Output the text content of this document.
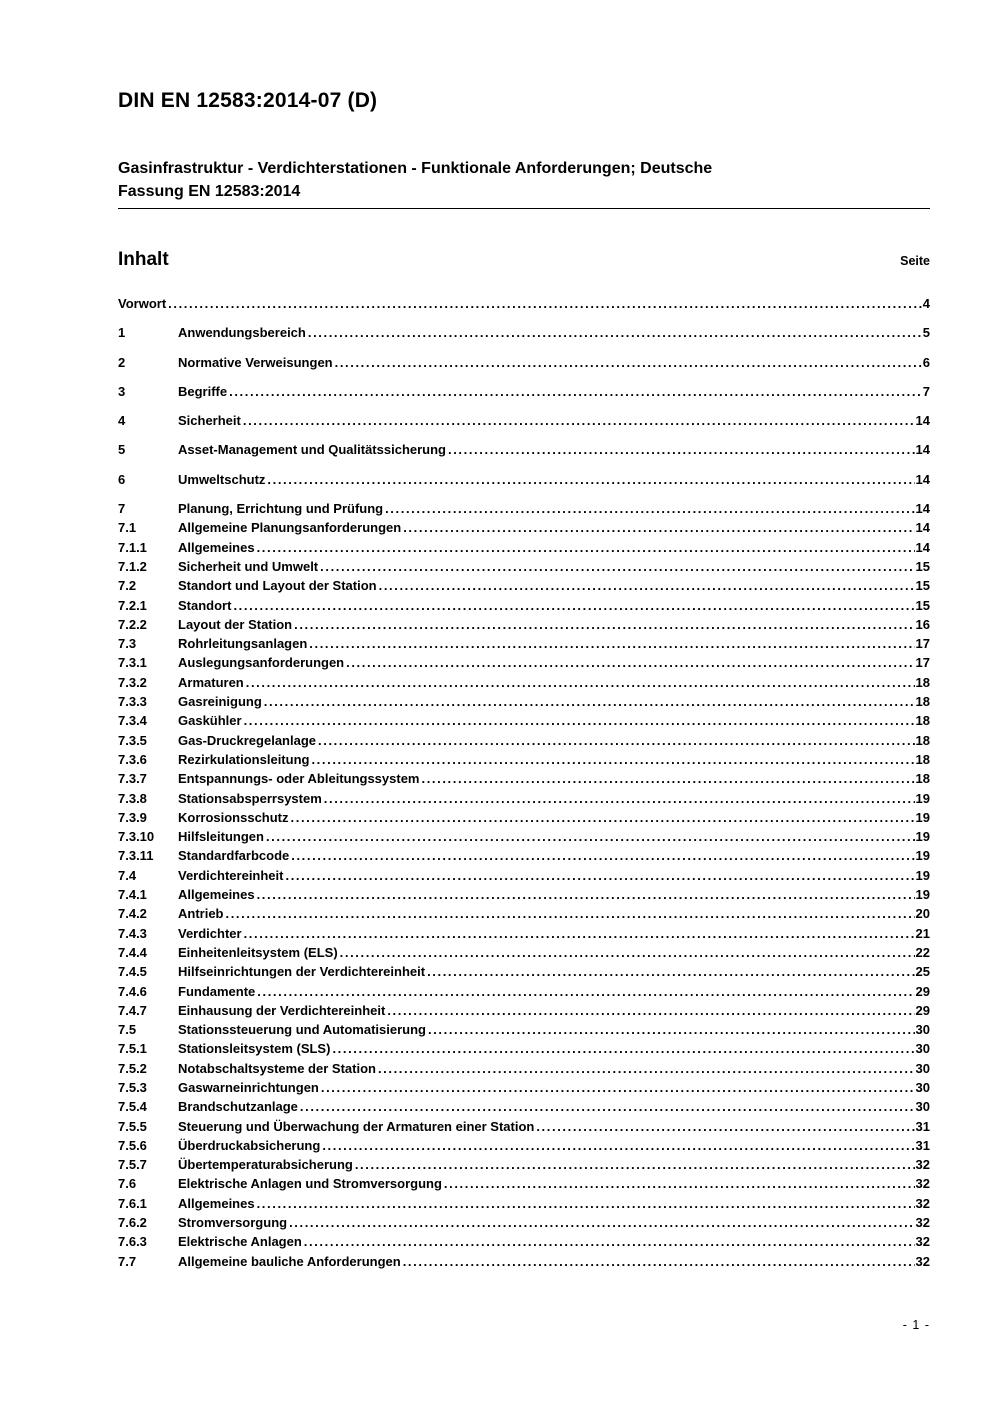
DIN EN 12583:2014-07 (D)
Gasinfrastruktur - Verdichterstationen - Funktionale Anforderungen; Deutsche
Fassung EN 12583:2014
Inhalt	Seite
Vorwort .....	4
1	Anwendungsbereich .....	5
2	Normative Verweisungen .....	6
3	Begriffe .....	7
4	Sicherheit .....	14
5	Asset-Management und Qualitätssicherung .....	14
6	Umweltschutz .....	14
7	Planung, Errichtung und Prüfung .....	14
7.1	Allgemeine Planungsanforderungen .....	14
7.1.1	Allgemeines .....	14
7.1.2	Sicherheit und Umwelt .....	15
7.2	Standort und Layout der Station .....	15
7.2.1	Standort .....	15
7.2.2	Layout der Station .....	16
7.3	Rohrleitungsanlagen .....	17
7.3.1	Auslegungsanforderungen .....	17
7.3.2	Armaturen .....	18
7.3.3	Gasreinigung .....	18
7.3.4	Gaskühler .....	18
7.3.5	Gas-Druckregelanlage .....	18
7.3.6	Rezirkulationsleitung .....	18
7.3.7	Entspannungs- oder Ableitungssystem .....	18
7.3.8	Stationsabsperrsystem .....	19
7.3.9	Korrosionsschutz .....	19
7.3.10	Hilfsleitungen .....	19
7.3.11	Standardfarbcode .....	19
7.4	Verdichtereinheit .....	19
7.4.1	Allgemeines .....	19
7.4.2	Antrieb .....	20
7.4.3	Verdichter .....	21
7.4.4	Einheitenleitsystem (ELS) .....	22
7.4.5	Hilfseinrichtungen der Verdichtereinheit .....	25
7.4.6	Fundamente .....	29
7.4.7	Einhausung der Verdichtereinheit .....	29
7.5	Stationssteuerung und Automatisierung .....	30
7.5.1	Stationsleitsystem (SLS) .....	30
7.5.2	Notabschaltsysteme der Station .....	30
7.5.3	Gaswarneinrichtungen .....	30
7.5.4	Brandschutzanlage .....	30
7.5.5	Steuerung und Überwachung der Armaturen einer Station .....	31
7.5.6	Überdruckabsicherung .....	31
7.5.7	Übertemperaturabsicherung .....	32
7.6	Elektrische Anlagen und Stromversorgung .....	32
7.6.1	Allgemeines .....	32
7.6.2	Stromversorgung .....	32
7.6.3	Elektrische Anlagen .....	32
7.7	Allgemeine bauliche Anforderungen .....	32
- 1 -
